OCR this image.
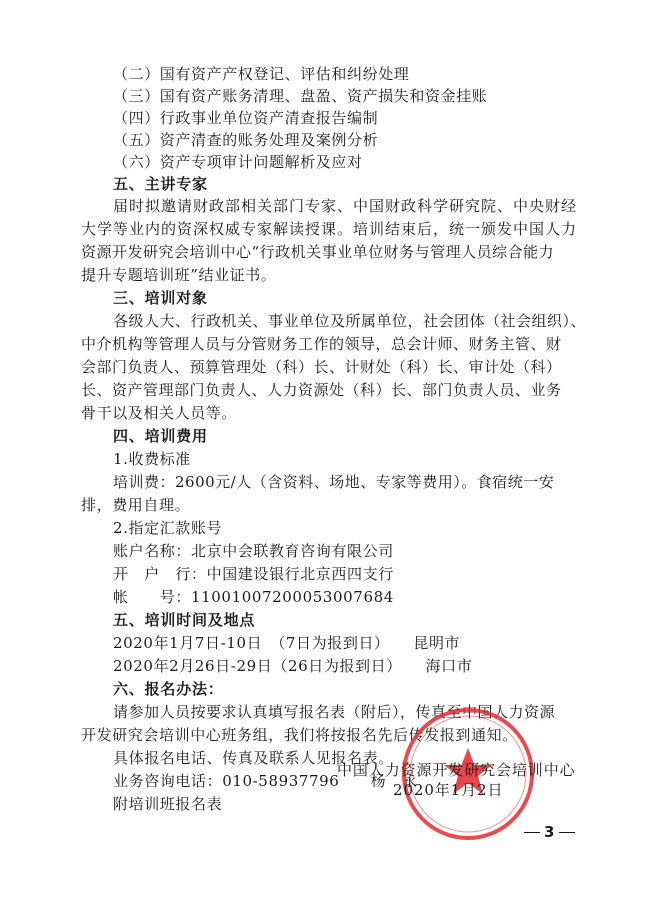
（二）国有资产产权登记、评估和纠纷处理
（三）国有资产账务清理、盘盈、资产损失和资金挂账
（四）行政事业单位资产清查报告编制
（五）资产清查的账务处理及案例分析
（六）资产专项审计问题解析及应对
五、主讲专家
届时拟邀请财政部相关部门专家、中国财政科学研究院、中央财经
大学等业内的资深权威专家解读授课。培训结束后，统一颁发中国人力
资源开发研究会培训中心“行政机关事业单位财务与管理人员综合能力
提升专题培训班”结业证书。
三、培训对象
各级人大、行政机关、事业单位及所属单位，社会团体（社会组织）、
中介机构等管理人员与分管财务工作的领导，总会计师、财务主管、财
会部门负责人、预算管理处（科）长、计财处（科）长、审计处（科）
长、资产管理部门负责人、人力资源处（科）长、部门负责人员、业务
骨干以及相关人员等。
四、培训费用
1.收费标准
培训费：2600元/人（含资料、场地、专家等费用）。食宿统一安
排，费用自理。
2.指定汇款账号
账户名称：北京中会联教育咨询有限公司
开　户　行：中国建设银行北京西四支行
帐　　号：11001007200053007684
五、培训时间及地点
2020年1月7日-10日　（7日为报到日）　　昆明市
2020年2月26日-29日（26日为报到日）　　海口市
六、报名办法：
请参加人员按要求认真填写报名表（附后），传真至中国人力资源
开发研究会培训中心班务组，我们将按报名先后传发报到通知。
具体报名电话、传真及联系人见报名表。
业务咨询电话：010-58937796　　杨　永
附培训班报名表
中国人力资源开发研究会培训中心
2020年1月2日
3
